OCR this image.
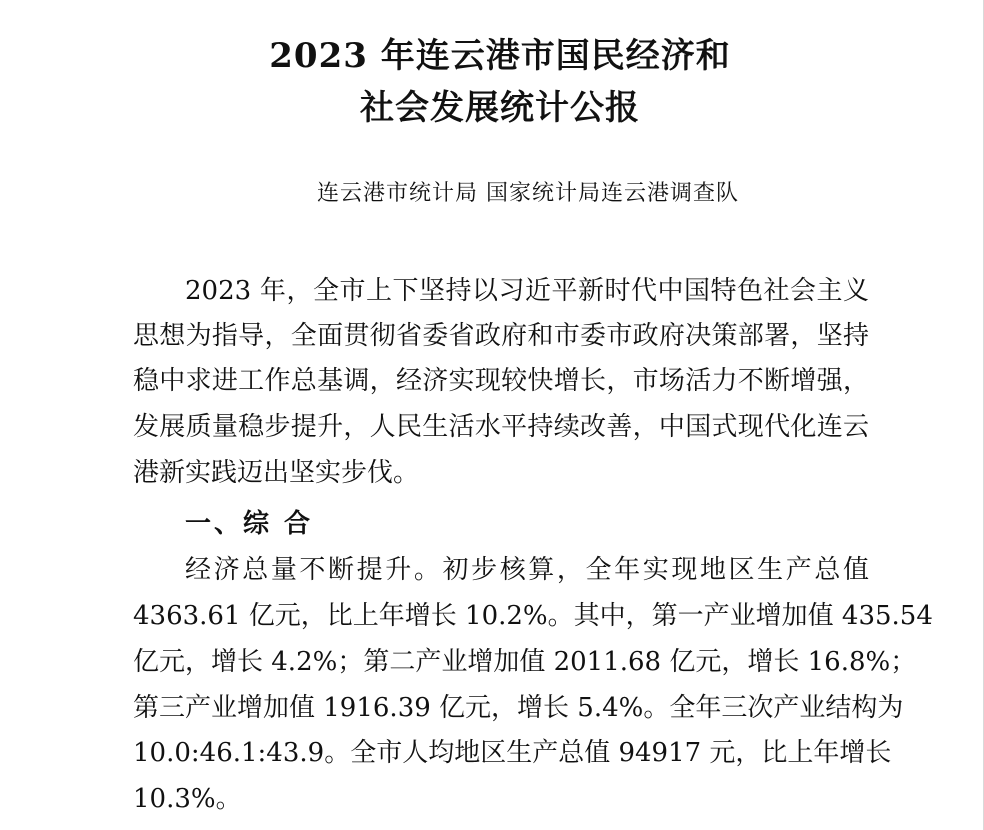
2023 年连云港市国民经济和
社会发展统计公报
连云港市统计局 国家统计局连云港调查队
2023 年，全市上下坚持以习近平新时代中国特色社会主义
思想为指导，全面贯彻省委省政府和市委市政府决策部署，坚持
稳中求进工作总基调，经济实现较快增长，市场活力不断增强，
发展质量稳步提升，人民生活水平持续改善，中国式现代化连云
港新实践迈出坚实步伐。
一、综 合
经济总量不断提升。初步核算，全年实现地区生产总值
4363.61 亿元，比上年增长 10.2%。其中，第一产业增加值 435.54
亿元，增长 4.2%；第二产业增加值 2011.68 亿元，增长 16.8%；
第三产业增加值 1916.39 亿元，增长 5.4%。全年三次产业结构为
10.0:46.1:43.9。全市人均地区生产总值 94917 元，比上年增长
10.3%。
